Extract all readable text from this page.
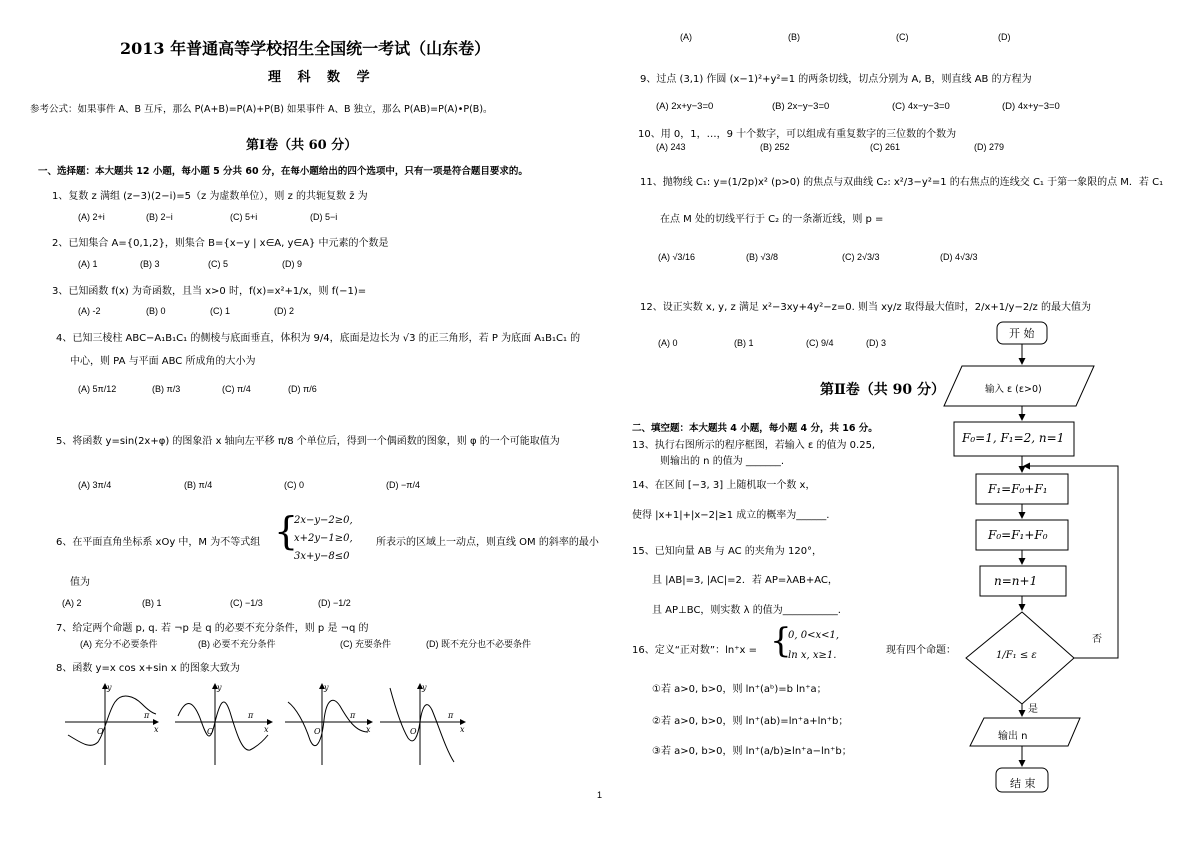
2013 年普通高等学校招生全国统一考试（山东卷）
理 科 数 学
参考公式：如果事件 A、B 互斥，那么 P(A+B)=P(A)+P(B) 如果事件 A、B 独立，那么 P(AB)=P(A)•P(B)。
第Ⅰ卷（共 60 分）
一、选择题：本大题共 12 小题，每小题 5 分共 60 分，在每小题给出的四个选项中，只有一项是符合题目要求的。
1、复数 z 满组 (z−3)(2−i)=5（z 为虚数单位），则 z 的共轭复数 z̄ 为
(A) 2+i	(B) 2−i	(C) 5+i	(D) 5−i
2、已知集合 A={0,1,2}，则集合 B={x−y | x∈A, y∈A} 中元素的个数是
(A) 1	(B) 3	(C) 5	(D) 9
3、已知函数 f(x) 为奇函数，且当 x>0 时，f(x)=x²+1/x，则 f(−1)=
(A) -2	(B) 0	(C) 1	(D) 2
4、已知三棱柱 ABC−A₁B₁C₁ 的侧棱与底面垂直，体积为 9/4，底面是边长为 √3 的正三角形，若 P 为底面 A₁B₁C₁ 的
中心，则 PA 与平面 ABC 所成角的大小为
(A) 5π/12	(B) π/3	(C) π/4	(D) π/6
5、将函数 y=sin(2x+φ) 的图象沿 x 轴向左平移 π/8 个单位后，得到一个偶函数的图象，则 φ 的一个可能取值为
(A) 3π/4	(B) π/4	(C) 0	(D) −π/4
6、在平面直角坐标系 xOy 中，M 为不等式组 {
2x−y−2≥0,
x+2y−1≥0,
3x+y−8≤0
所表示的区域上一动点，则直线 OM 的斜率的最小
值为
(A) 2	(B) 1	(C) −1/3	(D) −1/2
7、给定两个命题 p, q. 若 ¬p 是 q 的必要不充分条件，则 p 是 ¬q 的
(A) 充分不必要条件	(B) 必要不充分条件	(C) 充要条件	(D) 既不充分也不必要条件
8、函数 y=x cos x+sin x 的图象大致为
O
π
x
y
O
π
x
y
O
π
x
y
O
π
x
y
(A)	(B)	(C)	(D)
9、过点 (3,1) 作圆 (x−1)²+y²=1 的两条切线，切点分别为 A, B，则直线 AB 的方程为
(A) 2x+y−3=0	(B) 2x−y−3=0	(C) 4x−y−3=0	(D) 4x+y−3=0
10、用 0，1，…，9 十个数字，可以组成有重复数字的三位数的个数为
(A) 243	(B) 252	(C) 261	(D) 279
11、抛物线 C₁: y=(1/2p)x² (p>0) 的焦点与双曲线 C₂: x²/3−y²=1 的右焦点的连线交 C₁ 于第一象限的点 M．若 C₁
在点 M 处的切线平行于 C₂ 的一条渐近线，则 p =
(A) √3/16	(B) √3/8	(C) 2√3/3	(D) 4√3/3
12、设正实数 x, y, z 满足 x²−3xy+4y²−z=0. 则当 xy/z 取得最大值时，2/x+1/y−2/z 的最大值为
(A) 0	(B) 1	(C) 9/4	(D) 3
第Ⅱ卷（共 90 分）
二、填空题：本大题共 4 小题，每小题 4 分，共 16 分。
13、执行右图所示的程序框图，若输入 ε 的值为 0.25,
则输出的 n 的值为 _______.
14、在区间 [−3, 3] 上随机取一个数 x，
使得 |x+1|+|x−2|≥1 成立的概率为______.
15、已知向量 AB 与 AC 的夹角为 120°，
且 |AB|=3, |AC|=2．若 AP=λAB+AC，
且 AP⊥BC，则实数 λ 的值为___________.
16、定义“正对数”：ln⁺x = {
0, 0<x<1,
ln x, x≥1.	现有四个命题：
①若 a>0, b>0，则 ln⁺(aᵇ)=b ln⁺a；
②若 a>0, b>0，则 ln⁺(ab)=ln⁺a+ln⁺b；
③若 a>0, b>0，则 ln⁺(a/b)≥ln⁺a−ln⁺b；
开 始
输入 ε (ε>0)
F₀=1, F₁=2, n=1
F₁=F₀+F₁
F₀=F₁+F₀
n=n+1
1/F₁ ≤ ε
否
是
输出 n
结 束
1
